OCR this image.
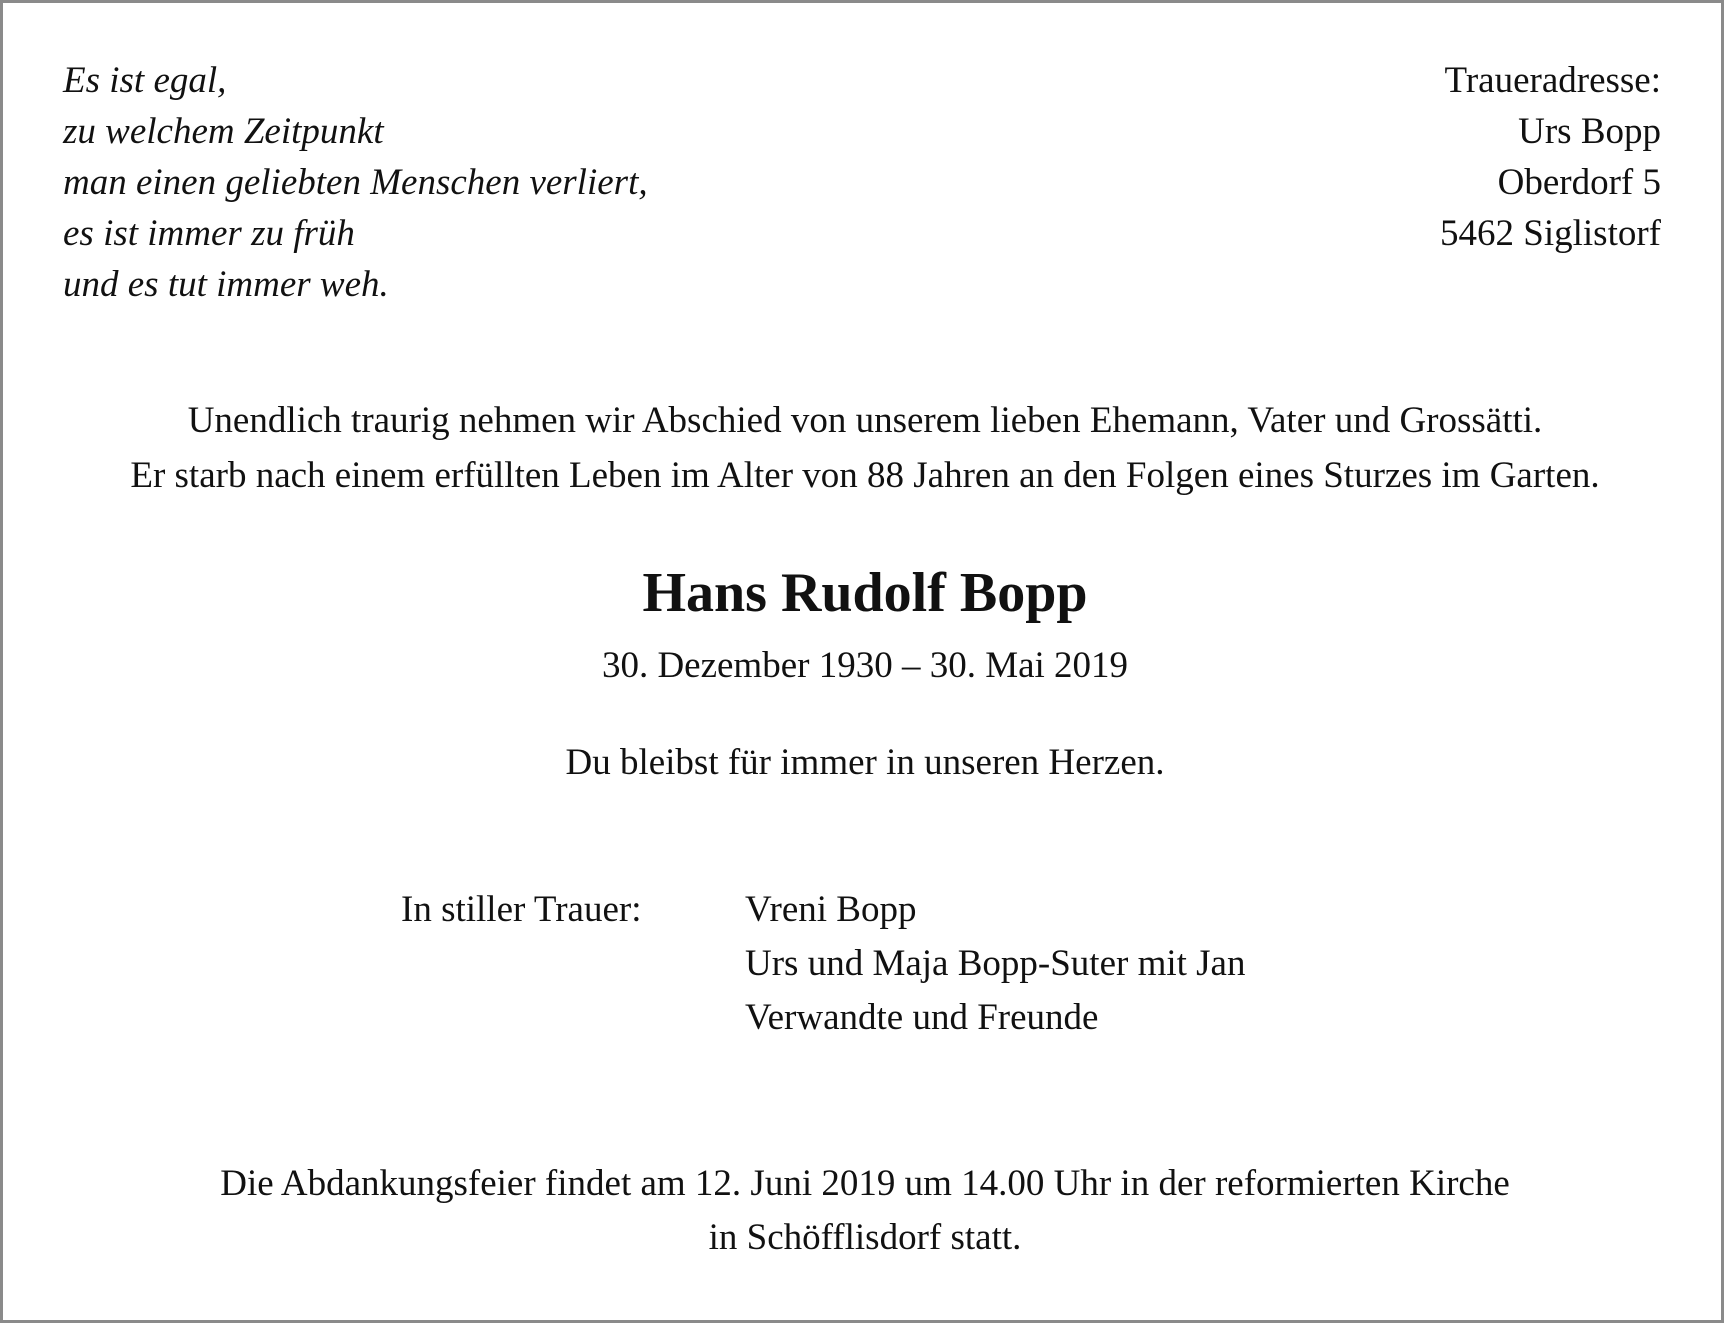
Es ist egal,
zu welchem Zeitpunkt
man einen geliebten Menschen verliert,
es ist immer zu früh
und es tut immer weh.
Traueradresse:
Urs Bopp
Oberdorf 5
5462 Siglistorf
Unendlich traurig nehmen wir Abschied von unserem lieben Ehemann, Vater und Grossätti.
Er starb nach einem erfüllten Leben im Alter von 88 Jahren an den Folgen eines Sturzes im Garten.
Hans Rudolf Bopp
30. Dezember 1930 – 30. Mai 2019
Du bleibst für immer in unseren Herzen.
In stiller Trauer:	Vreni Bopp
Urs und Maja Bopp-Suter mit Jan
Verwandte und Freunde
Die Abdankungsfeier findet am 12. Juni 2019 um 14.00 Uhr in der reformierten Kirche
in Schöfflisdorf statt.
